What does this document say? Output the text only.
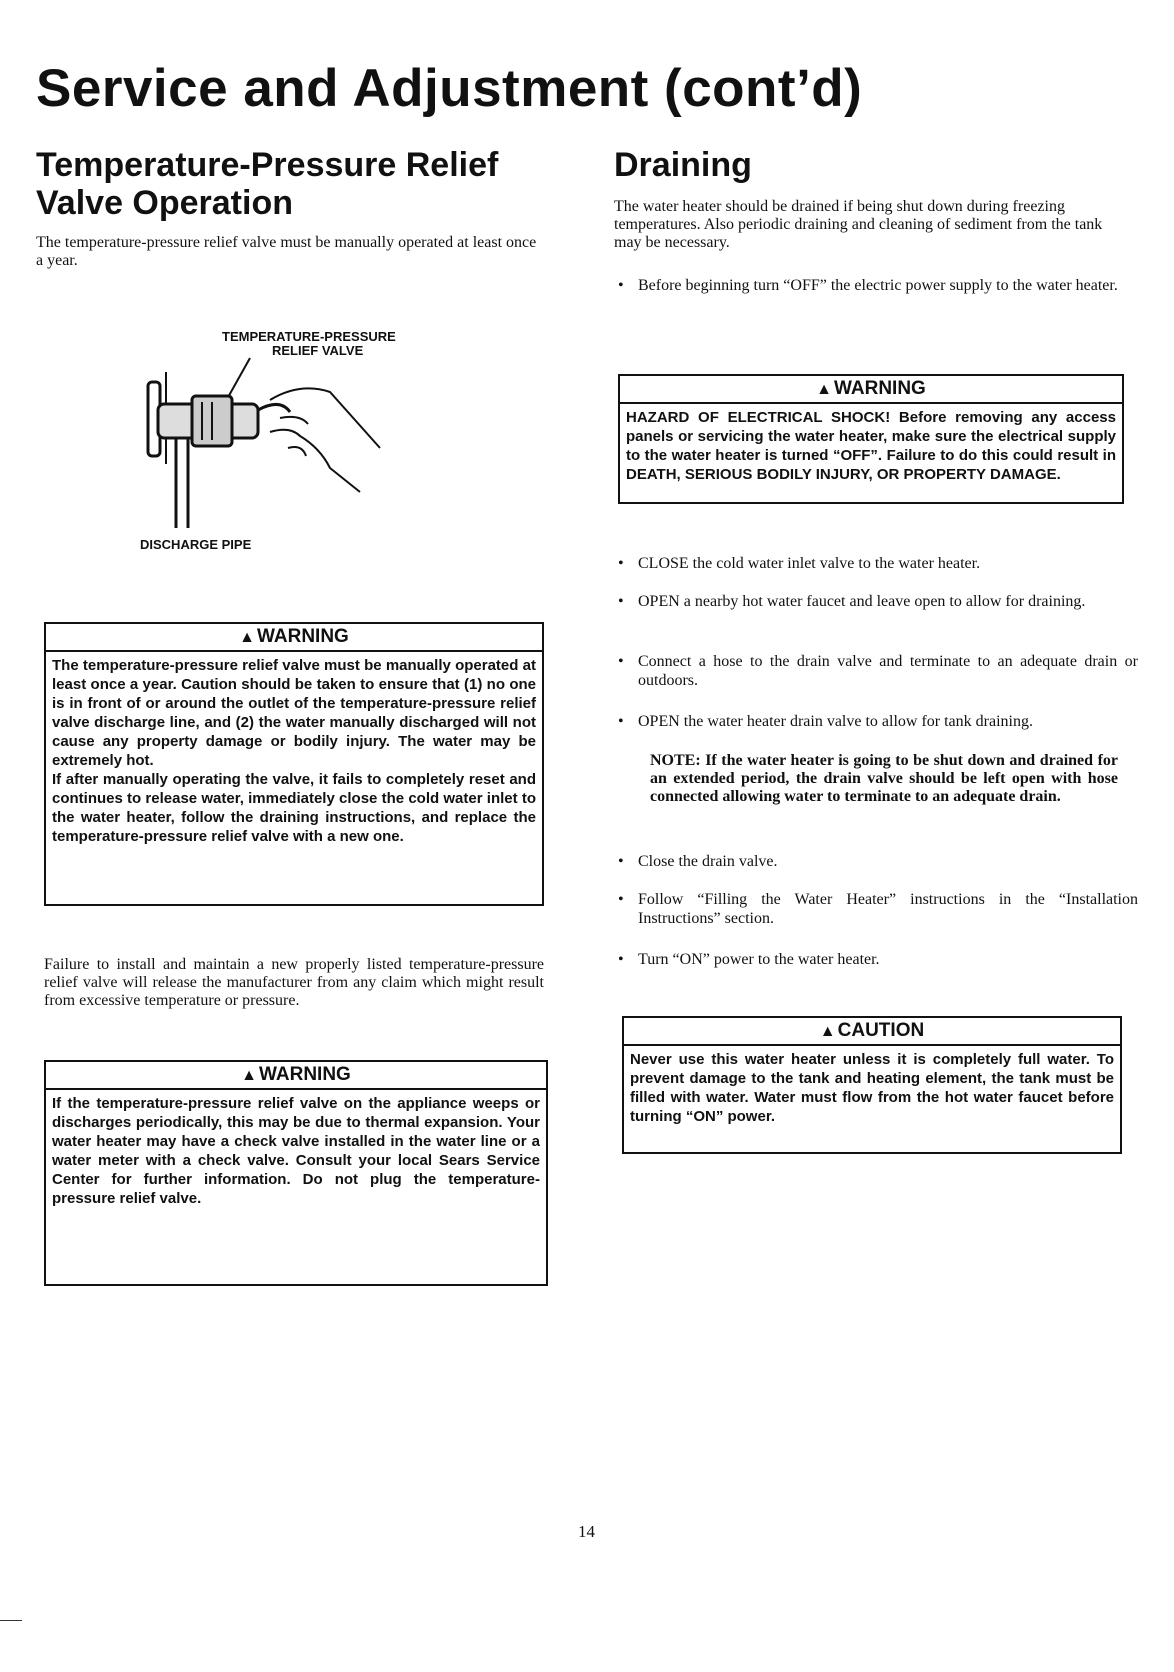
Service and Adjustment (cont’d)
Temperature-Pressure Relief
Valve Operation

The temperature-pressure relief valve must be manually operated at least once a year.

TEMPERATURE-PRESSURE
RELIEF VALVE
DISCHARGE PIPE
▲ WARNING
The temperature-pressure relief valve must be manually operated at least once a year. Caution should be taken to ensure that (1) no one is in front of or around the outlet of the temperature-pressure relief valve discharge line, and (2) the water manually discharged will not cause any property damage or bodily injury. The water may be extremely hot.
If after manually operating the valve, it fails to completely reset and continues to release water, immediately close the cold water inlet to the water heater, follow the draining instructions, and replace the temperature-pressure relief valve with a new one.

Failure to install and maintain a new properly listed temperature-pressure relief valve will release the manufacturer from any claim which might result from excessive temperature or pressure.

▲ WARNING
If the temperature-pressure relief valve on the appliance weeps or discharges periodically, this may be due to thermal expansion. Your water heater may have a check valve installed in the water line or a water meter with a check valve. Consult your local Sears Service Center for further information. Do not plug the temperature-pressure relief valve.
Draining

The water heater should be drained if being shut down during freezing temperatures. Also periodic draining and cleaning of sediment from the tank may be necessary.

• Before beginning turn “OFF” the electric power supply to the water heater.
▲ WARNING
HAZARD OF ELECTRICAL SHOCK! Before removing any access panels or servicing the water heater, make sure the electrical supply to the water heater is turned “OFF”. Failure to do this could result in DEATH, SERIOUS BODILY INJURY, OR PROPERTY DAMAGE.
• CLOSE the cold water inlet valve to the water heater.
• OPEN a nearby hot water faucet and leave open to allow for draining.
• Connect a hose to the drain valve and terminate to an adequate drain or outdoors.
• OPEN the water heater drain valve to allow for tank draining.
NOTE: If the water heater is going to be shut down and drained for an extended period, the drain valve should be left open with hose connected allowing water to terminate to an adequate drain.
• Close the drain valve.
• Follow “Filling the Water Heater” instructions in the “Installation Instructions” section.
• Turn “ON” power to the water heater.
▲ CAUTION
Never use this water heater unless it is completely full water. To prevent damage to the tank and heating element, the tank must be filled with water. Water must flow from the hot water faucet before turning “ON” power.
14
